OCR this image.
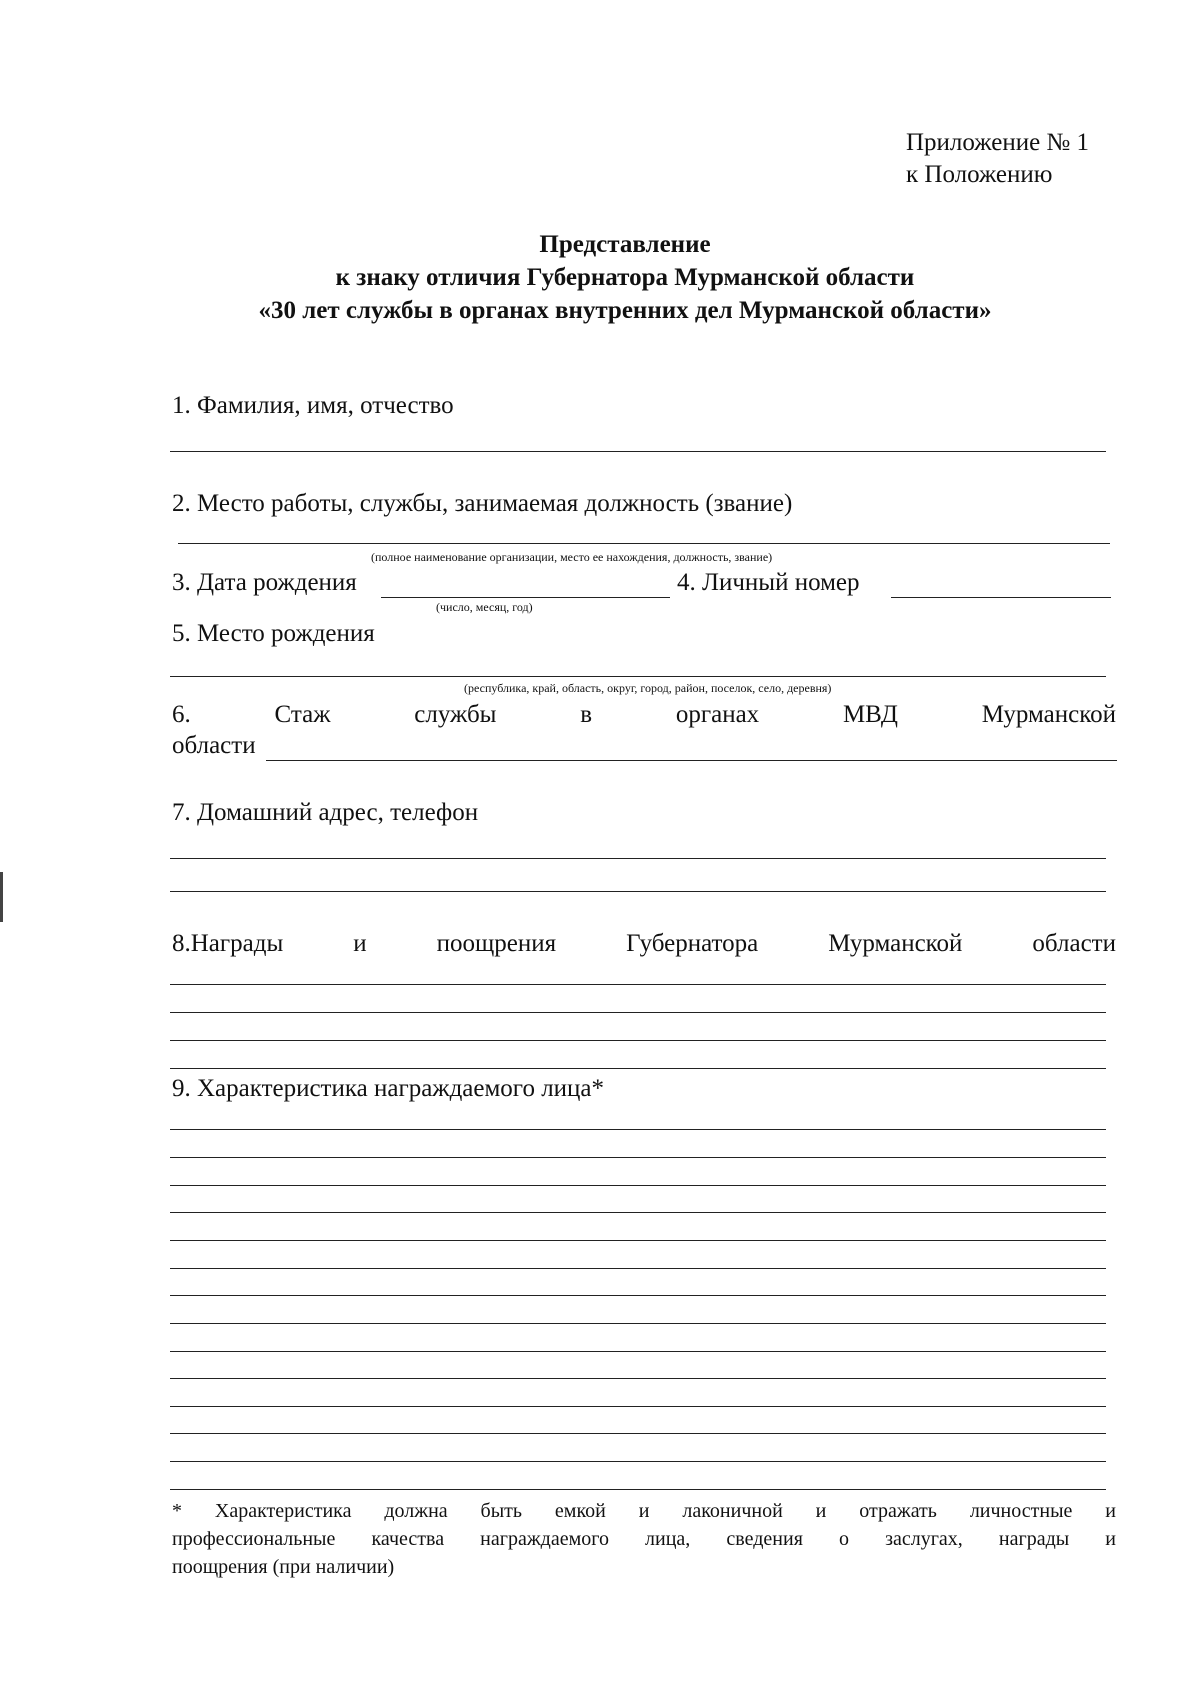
Приложение № 1
к Положению
Представление
к знаку отличия Губернатора Мурманской области
«30 лет службы в органах внутренних дел Мурманской области»
1. Фамилия, имя, отчество
2. Место работы, службы, занимаемая должность (звание)
(полное наименование организации, место ее нахождения, должность, звание)
3. Дата рождения
(число, месяц, год)
4. Личный номер
5. Место рождения
(республика, край, область, округ, город, район, поселок, село, деревня)
6.	Стаж	службы	в	органах	МВД	Мурманской
области
7. Домашний адрес, телефон
8.Награды	и	поощрения	Губернатора	Мурманской	области
9. Характеристика награждаемого лица*
* Характеристика должна быть емкой и лаконичной и отражать личностные и
профессиональные качества награждаемого лица, сведения о заслугах, награды и
поощрения (при наличии)
